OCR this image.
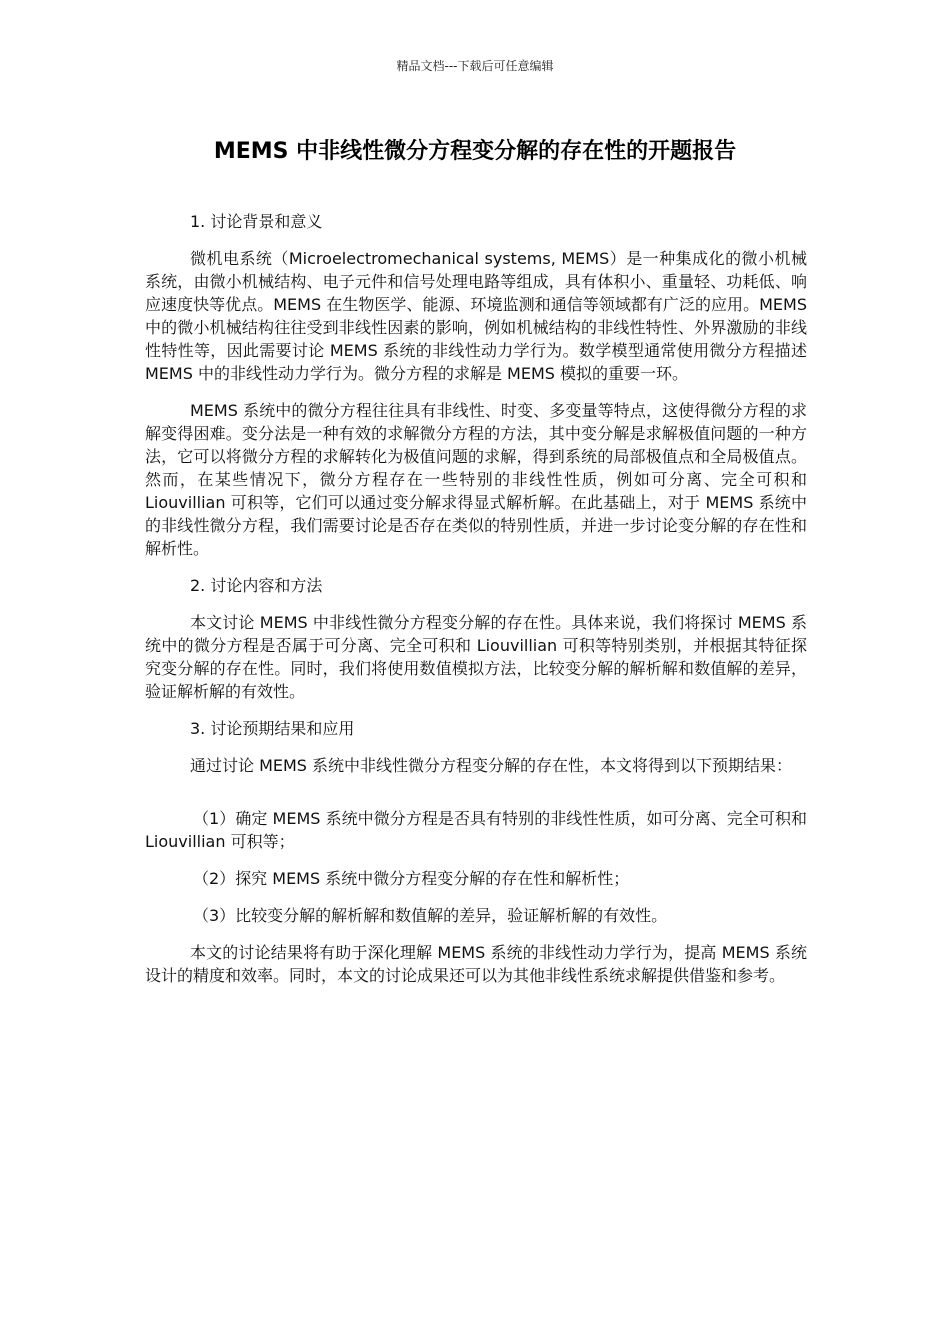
精品文档---下载后可任意编辑
MEMS 中非线性微分方程变分解的存在性的开题报告
1. 讨论背景和意义

微机电系统（Microelectromechanical systems, MEMS）是一种集成化的微小机械系统，由微小机械结构、电子元件和信号处理电路等组成，具有体积小、重量轻、功耗低、响应速度快等优点。MEMS 在生物医学、能源、环境监测和通信等领域都有广泛的应用。MEMS 中的微小机械结构往往受到非线性因素的影响，例如机械结构的非线性特性、外界激励的非线性特性等，因此需要讨论 MEMS 系统的非线性动力学行为。数学模型通常使用微分方程描述 MEMS 中的非线性动力学行为。微分方程的求解是 MEMS 模拟的重要一环。

MEMS 系统中的微分方程往往具有非线性、时变、多变量等特点，这使得微分方程的求解变得困难。变分法是一种有效的求解微分方程的方法，其中变分解是求解极值问题的一种方法，它可以将微分方程的求解转化为极值问题的求解，得到系统的局部极值点和全局极值点。然而，在某些情况下，微分方程存在一些特别的非线性性质，例如可分离、完全可积和 Liouvillian 可积等，它们可以通过变分解求得显式解析解。在此基础上，对于 MEMS 系统中的非线性微分方程，我们需要讨论是否存在类似的特别性质，并进一步讨论变分解的存在性和解析性。

2. 讨论内容和方法

本文讨论 MEMS 中非线性微分方程变分解的存在性。具体来说，我们将探讨 MEMS 系统中的微分方程是否属于可分离、完全可积和 Liouvillian 可积等特别类别，并根据其特征探究变分解的存在性。同时，我们将使用数值模拟方法，比较变分解的解析解和数值解的差异，验证解析解的有效性。

3. 讨论预期结果和应用

通过讨论 MEMS 系统中非线性微分方程变分解的存在性，本文将得到以下预期结果：

（1）确定 MEMS 系统中微分方程是否具有特别的非线性性质，如可分离、完全可积和 Liouvillian 可积等；

（2）探究 MEMS 系统中微分方程变分解的存在性和解析性；

（3）比较变分解的解析解和数值解的差异，验证解析解的有效性。

本文的讨论结果将有助于深化理解 MEMS 系统的非线性动力学行为，提高 MEMS 系统设计的精度和效率。同时，本文的讨论成果还可以为其他非线性系统求解提供借鉴和参考。
